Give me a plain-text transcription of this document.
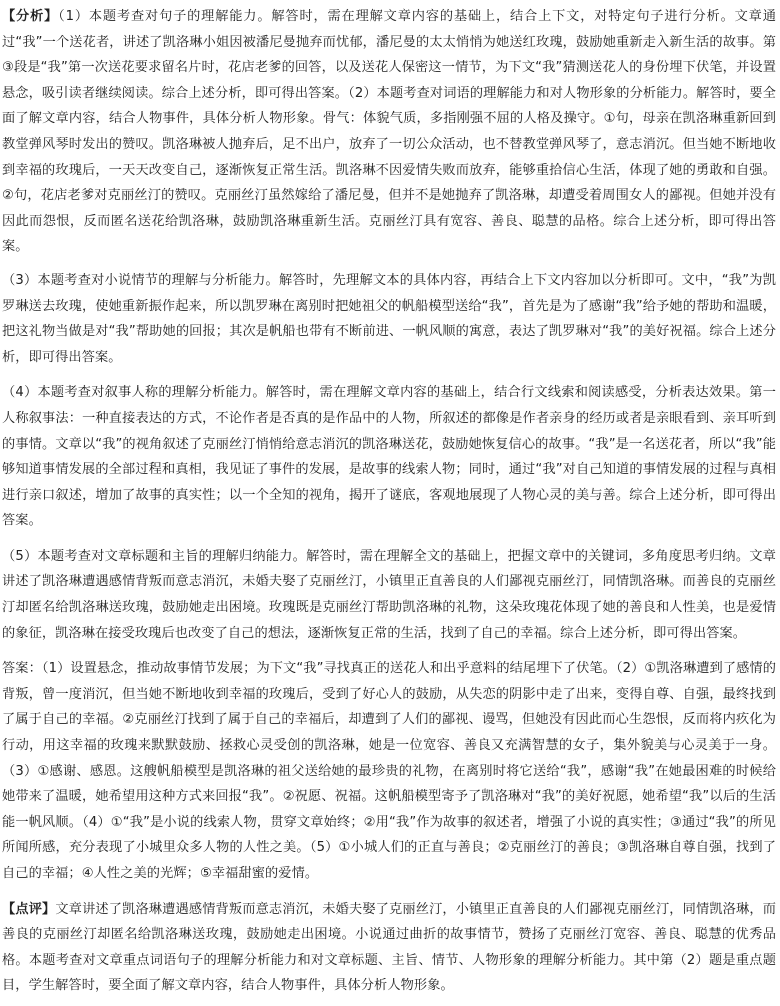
【分析】（1）本题考查对句子的理解能力。解答时，需在理解文章内容的基础上，结合上下文，对特定句子进行分析。文章通过“我”一个送花者，讲述了凯洛琳小姐因被潘尼曼抛弃而忧郁，潘尼曼的太太悄悄为她送红玫瑰，鼓励她重新走入新生活的故事。第③段是“我”第一次送花要求留名片时，花店老爹的回答，以及送花人保密这一情节，为下文“我”猜测送花人的身份埋下伏笔，并设置悬念，吸引读者继续阅读。综合上述分析，即可得出答案。（2）本题考查对词语的理解能力和对人物形象的分析能力。解答时，要全面了解文章内容，结合人物事件，具体分析人物形象。骨气：体貌气质，多指刚强不屈的人格及操守。①句，母亲在凯洛琳重新回到教堂弹风琴时发出的赞叹。凯洛琳被人抛弃后，足不出户，放弃了一切公众活动，也不替教堂弹风琴了，意志消沉。但当她不断地收到幸福的玫瑰后，一天天改变自己，逐渐恢复正常生活。凯洛琳不因爱情失败而放弃，能够重拾信心生活，体现了她的勇敢和自强。②句，花店老爹对克丽丝汀的赞叹。克丽丝汀虽然嫁给了潘尼曼，但并不是她抛弃了凯洛琳，却遭受着周围女人的鄙视。但她并没有因此而怨恨，反而匿名送花给凯洛琳，鼓励凯洛琳重新生活。克丽丝汀具有宽容、善良、聪慧的品格。综合上述分析，即可得出答案。

（3）本题考查对小说情节的理解与分析能力。解答时，先理解文本的具体内容，再结合上下文内容加以分析即可。文中，“我”为凯罗琳送去玫瑰，使她重新振作起来，所以凯罗琳在离别时把她祖父的帆船模型送给“我”，首先是为了感谢“我”给予她的帮助和温暖，把这礼物当做是对“我”帮助她的回报；其次是帆船也带有不断前进、一帆风顺的寓意，表达了凯罗琳对“我”的美好祝福。综合上述分析，即可得出答案。

（4）本题考查对叙事人称的理解分析能力。解答时，需在理解文章内容的基础上，结合行文线索和阅读感受，分析表达效果。第一人称叙事法：一种直接表达的方式，不论作者是否真的是作品中的人物，所叙述的都像是作者亲身的经历或者是亲眼看到、亲耳听到的事情。文章以“我”的视角叙述了克丽丝汀悄悄给意志消沉的凯洛琳送花，鼓励她恢复信心的故事。“我”是一名送花者，所以“我”能够知道事情发展的全部过程和真相，我见证了事件的发展，是故事的线索人物；同时，通过“我”对自己知道的事情发展的过程与真相进行亲口叙述，增加了故事的真实性；以一个全知的视角，揭开了谜底，客观地展现了人物心灵的美与善。综合上述分析，即可得出答案。

（5）本题考查对文章标题和主旨的理解归纳能力。解答时，需在理解全文的基础上，把握文章中的关键词，多角度思考归纳。文章讲述了凯洛琳遭遇感情背叛而意志消沉，未婚夫娶了克丽丝汀，小镇里正直善良的人们鄙视克丽丝汀，同情凯洛琳。而善良的克丽丝汀却匿名给凯洛琳送玫瑰，鼓励她走出困境。玫瑰既是克丽丝汀帮助凯洛琳的礼物，这朵玫瑰花体现了她的善良和人性美，也是爱情的象征，凯洛琳在接受玫瑰后也改变了自己的想法，逐渐恢复正常的生活，找到了自己的幸福。综合上述分析，即可得出答案。

答案：（1）设置悬念，推动故事情节发展；为下文“我”寻找真正的送花人和出乎意料的结尾埋下了伏笔。（2）①凯洛琳遭到了感情的背叛，曾一度消沉，但当她不断地收到幸福的玫瑰后，受到了好心人的鼓励，从失恋的阴影中走了出来，变得自尊、自强，最终找到了属于自己的幸福。②克丽丝汀找到了属于自己的幸福后，却遭到了人们的鄙视、谩骂，但她没有因此而心生怨恨，反而将内疚化为行动，用这幸福的玫瑰来默默鼓励、拯救心灵受创的凯洛琳，她是一位宽容、善良又充满智慧的女子，集外貌美与心灵美于一身。（3）①感谢、感恩。这艘帆船模型是凯洛琳的祖父送给她的最珍贵的礼物，在离别时将它送给“我”，感谢“我”在她最困难的时候给她带来了温暖，她希望用这种方式来回报“我”。②祝愿、祝福。这帆船模型寄予了凯洛琳对“我”的美好祝愿，她希望“我”以后的生活能一帆风顺。（4）①“我”是小说的线索人物，贯穿文章始终；②用“我”作为故事的叙述者，增强了小说的真实性；③通过“我”的所见所闻所感，充分表现了小城里众多人物的人性之美。（5）①小城人们的正直与善良；②克丽丝汀的善良；③凯洛琳自尊自强，找到了自己的幸福；④人性之美的光辉；⑤幸福甜蜜的爱情。

【点评】文章讲述了凯洛琳遭遇感情背叛而意志消沉，未婚夫娶了克丽丝汀，小镇里正直善良的人们鄙视克丽丝汀，同情凯洛琳，而善良的克丽丝汀却匿名给凯洛琳送玫瑰，鼓励她走出困境。小说通过曲折的故事情节，赞扬了克丽丝汀宽容、善良、聪慧的优秀品格。本题考查对文章重点词语句子的理解分析能力和对文章标题、主旨、情节、人物形象的理解分析能力。其中第（2）题是重点题目，学生解答时，要全面了解文章内容，结合人物事件，具体分析人物形象。
